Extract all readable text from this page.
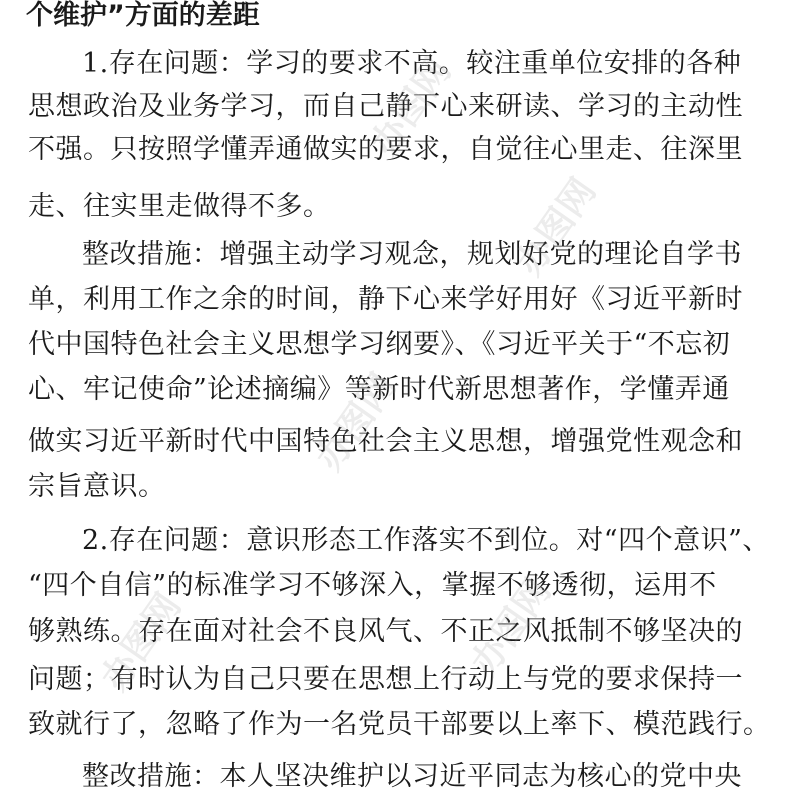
个维护”方面的差距
1.存在问题：学习的要求不高。较注重单位安排的各种
思想政治及业务学习，而自己静下心来研读、学习的主动性
不强。只按照学懂弄通做实的要求，自觉往心里走、往深里
走、往实里走做得不多。
整改措施：增强主动学习观念，规划好党的理论自学书
单，利用工作之余的时间，静下心来学好用好《习近平新时
代中国特色社会主义思想学习纲要》、《习近平关于“不忘初
心、牢记使命”论述摘编》等新时代新思想著作，学懂弄通
做实习近平新时代中国特色社会主义思想，增强党性观念和
宗旨意识。
2.存在问题：意识形态工作落实不到位。对“四个意识”、
“四个自信”的标准学习不够深入，掌握不够透彻，运用不
够熟练。存在面对社会不良风气、不正之风抵制不够坚决的
问题；有时认为自己只要在思想上行动上与党的要求保持一
致就行了，忽略了作为一名党员干部要以上率下、模范践行。
整改措施：本人坚决维护以习近平同志为核心的党中央
办图网
办图网
办图网
办图网
办图网
